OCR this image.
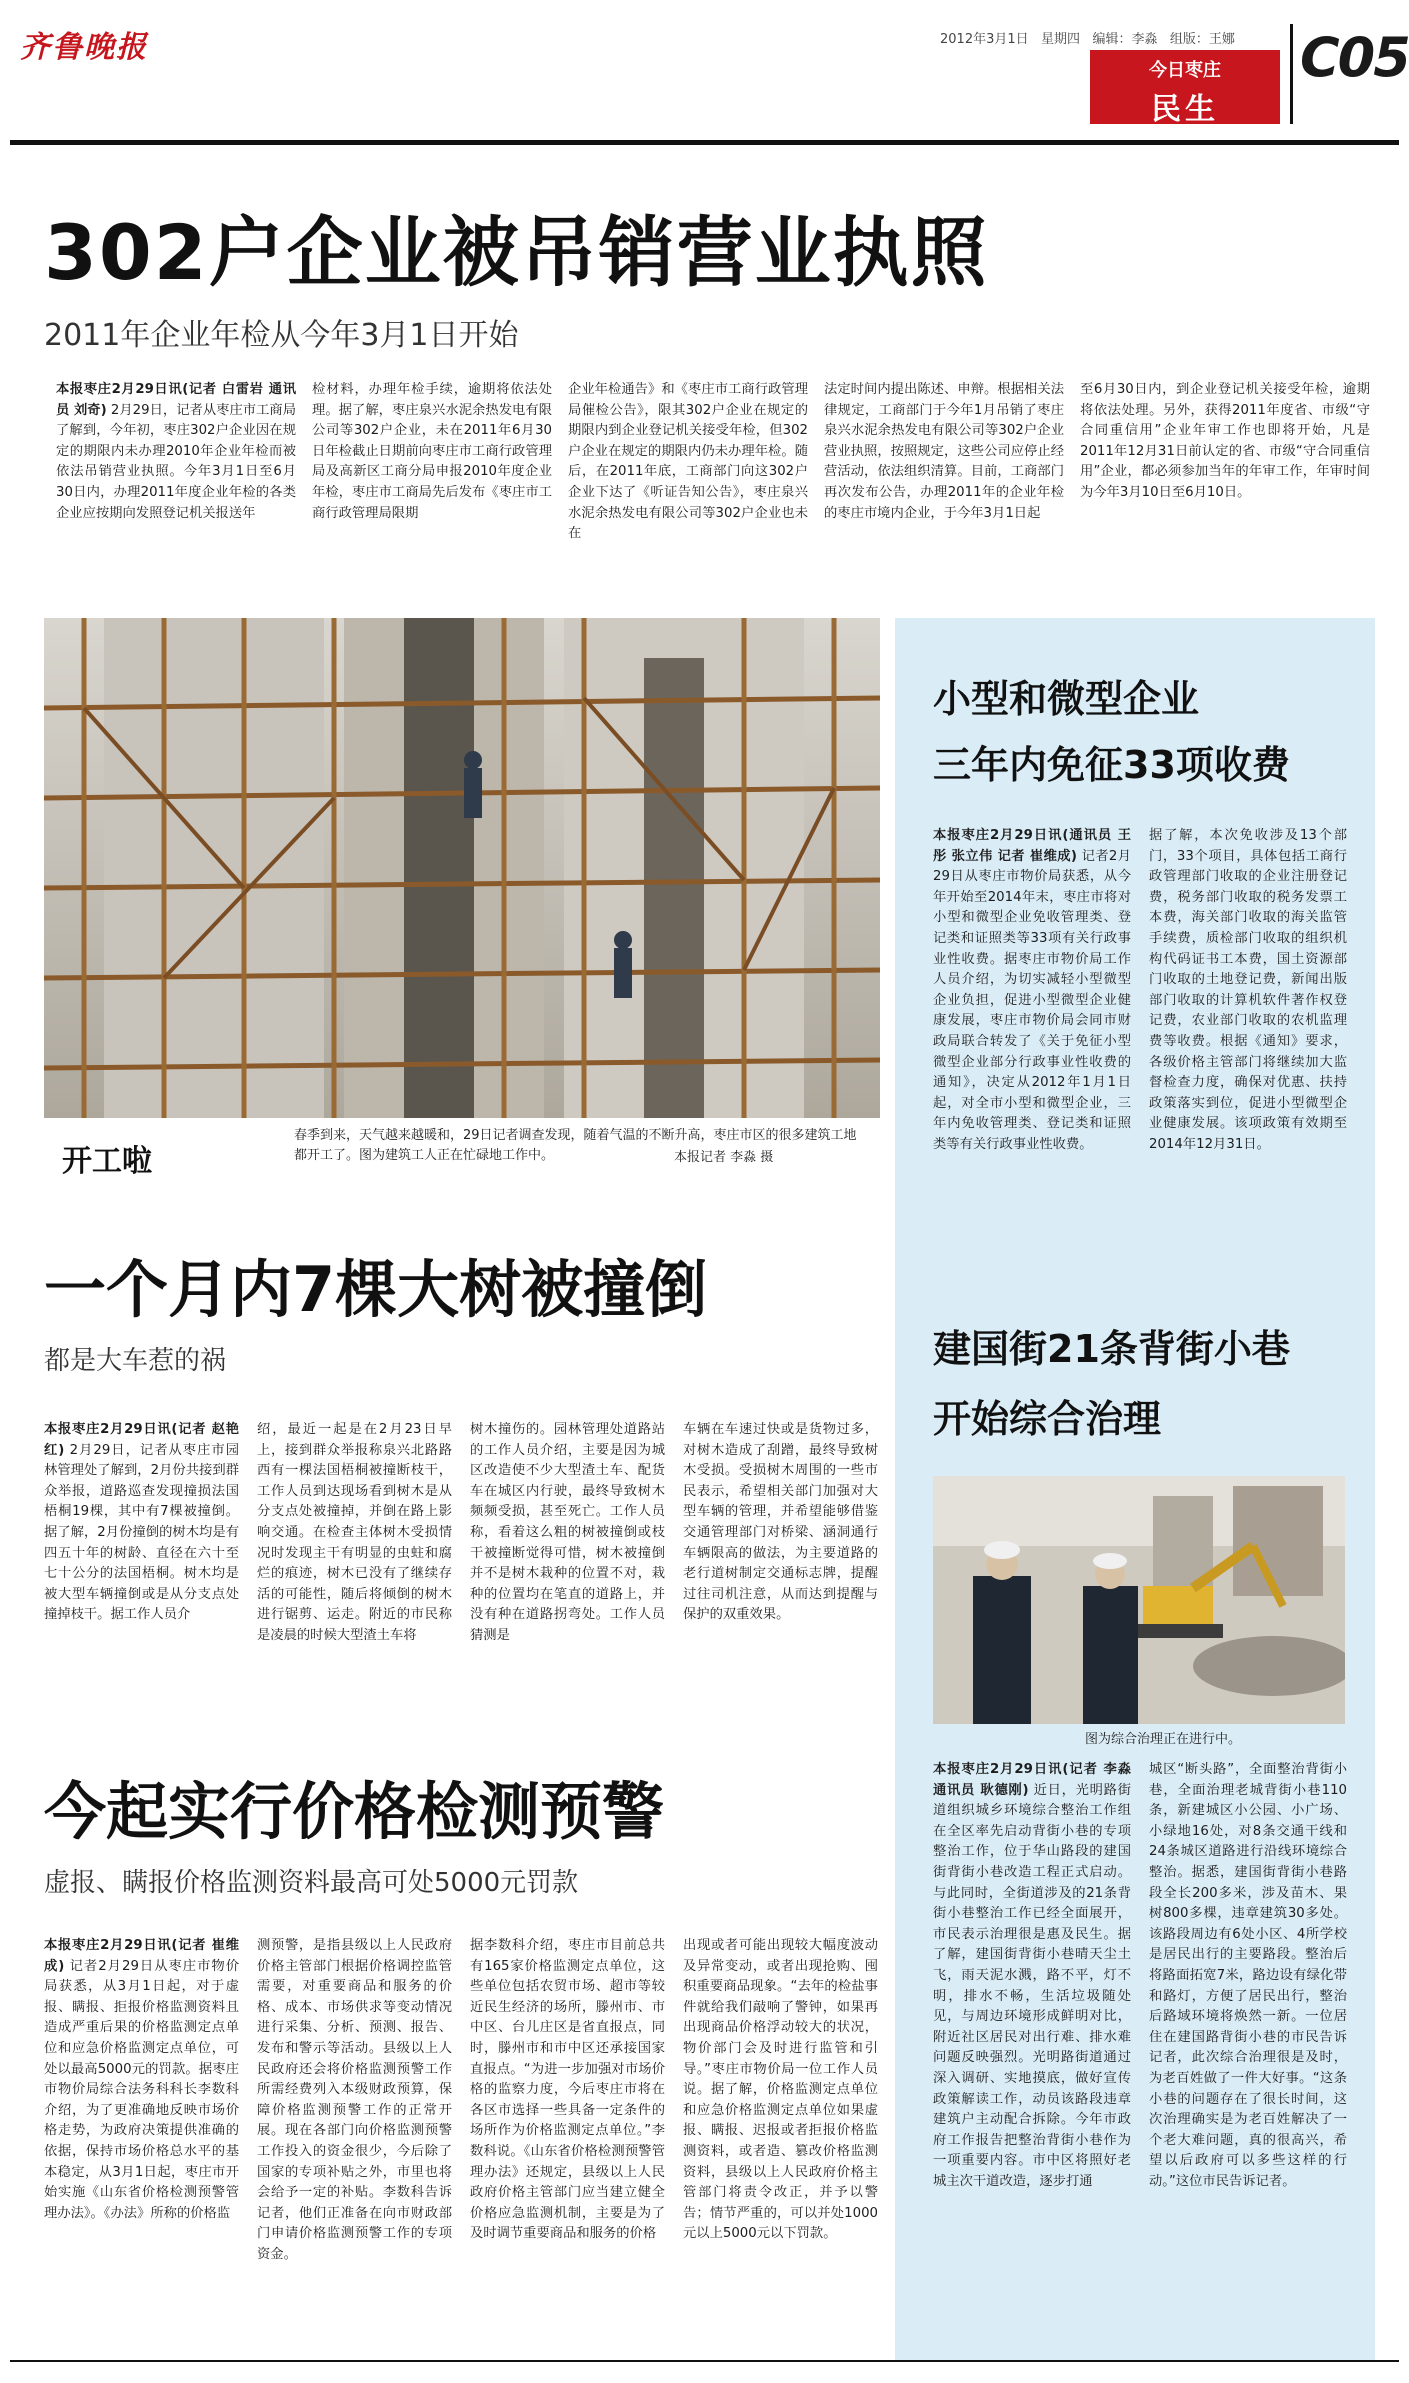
齐鲁晚报	2012年3月1日 星期四 编辑：李淼 组版：王娜
今日枣庄
民生
C05
302户企业被吊销营业执照
2011年企业年检从今年3月1日开始
本报枣庄2月29日讯(记者 白雷岩 通讯员 刘奇) 2月29日，记者从枣庄市工商局了解到，今年初，枣庄302户企业因在规定的期限内未办理2010年企业年检而被依法吊销营业执照。今年3月1日至6月30日内，办理2011年度企业年检的各类企业应按期向发照登记机关报送年
检材料，办理年检手续，逾期将依法处理。据了解，枣庄泉兴水泥余热发电有限公司等302户企业，未在2011年6月30日年检截止日期前向枣庄市工商行政管理局及高新区工商分局申报2010年度企业年检，枣庄市工商局先后发布《枣庄市工商行政管理局限期
企业年检通告》和《枣庄市工商行政管理局催检公告》，限其302户企业在规定的期限内到企业登记机关接受年检，但302户企业在规定的期限内仍未办理年检。随后，在2011年底，工商部门向这302户企业下达了《听证告知公告》，枣庄泉兴水泥余热发电有限公司等302户企业也未在
法定时间内提出陈述、申辩。根据相关法律规定，工商部门于今年1月吊销了枣庄泉兴水泥余热发电有限公司等302户企业营业执照，按照规定，这些公司应停止经营活动，依法组织清算。目前，工商部门再次发布公告，办理2011年的企业年检的枣庄市境内企业，于今年3月1日起
至6月30日内，到企业登记机关接受年检，逾期将依法处理。另外，获得2011年度省、市级“守合同重信用”企业年审工作也即将开始，凡是2011年12月31日前认定的省、市级“守合同重信用”企业，都必须参加当年的年审工作，年审时间为今年3月10日至6月10日。
开工啦
春季到来，天气越来越暖和，29日记者调查发现，随着气温的不断升高，枣庄市区的很多建筑工地都开工了。图为建筑工人正在忙碌地工作中。	本报记者 李淼 摄
一个月内7棵大树被撞倒
都是大车惹的祸
本报枣庄2月29日讯(记者 赵艳红) 2月29日，记者从枣庄市园林管理处了解到，2月份共接到群众举报，道路巡查发现撞损法国梧桐19棵，其中有7棵被撞倒。据了解，2月份撞倒的树木均是有四五十年的树龄、直径在六十至七十公分的法国梧桐。树木均是被大型车辆撞倒或是从分支点处撞掉枝干。据工作人员介
绍，最近一起是在2月23日早上，接到群众举报称泉兴北路路西有一棵法国梧桐被撞断枝干，工作人员到达现场看到树木是从分支点处被撞掉，并倒在路上影响交通。在检查主体树木受损情况时发现主干有明显的虫蛀和腐烂的痕迹，树木已没有了继续存活的可能性，随后将倾倒的树木进行锯剪、运走。附近的市民称是凌晨的时候大型渣土车将
树木撞伤的。园林管理处道路站的工作人员介绍，主要是因为城区改造使不少大型渣土车、配货车在城区内行驶，最终导致树木频频受损，甚至死亡。工作人员称，看着这么粗的树被撞倒或枝干被撞断觉得可惜，树木被撞倒并不是树木栽种的位置不对，栽种的位置均在笔直的道路上，并没有种在道路拐弯处。工作人员猜测是
车辆在车速过快或是货物过多，对树木造成了刮蹭，最终导致树木受损。受损树木周围的一些市民表示，希望相关部门加强对大型车辆的管理，并希望能够借鉴交通管理部门对桥梁、涵洞通行车辆限高的做法，为主要道路的老行道树制定交通标志牌，提醒过往司机注意，从而达到提醒与保护的双重效果。
今起实行价格检测预警
虚报、瞒报价格监测资料最高可处5000元罚款
本报枣庄2月29日讯(记者 崔维成) 记者2月29日从枣庄市物价局获悉，从3月1日起，对于虚报、瞒报、拒报价格监测资料且造成严重后果的价格监测定点单位和应急价格监测定点单位，可处以最高5000元的罚款。据枣庄市物价局综合法务科科长李数科介绍，为了更准确地反映市场价格走势，为政府决策提供准确的依据，保持市场价格总水平的基本稳定，从3月1日起，枣庄市开始实施《山东省价格检测预警管理办法》。《办法》所称的价格监
测预警，是指县级以上人民政府价格主管部门根据价格调控监管需要，对重要商品和服务的价格、成本、市场供求等变动情况进行采集、分析、预测、报告、发布和警示等活动。县级以上人民政府还会将价格监测预警工作所需经费列入本级财政预算，保障价格监测预警工作的正常开展。现在各部门向价格监测预警工作投入的资金很少，今后除了国家的专项补贴之外，市里也将会给予一定的补贴。李数科告诉记者，他们正准备在向市财政部门申请价格监测预警工作的专项资金。
据李数科介绍，枣庄市目前总共有165家价格监测定点单位，这些单位包括农贸市场、超市等较近民生经济的场所，滕州市、市中区、台儿庄区是省直报点，同时，滕州市和市中区还承接国家直报点。“为进一步加强对市场价格的监察力度，今后枣庄市将在各区市选择一些具备一定条件的场所作为价格监测定点单位。”李数科说。《山东省价格检测预警管理办法》还规定，县级以上人民政府价格主管部门应当建立健全价格应急监测机制，主要是为了及时调节重要商品和服务的价格
出现或者可能出现较大幅度波动及异常变动，或者出现抢购、囤积重要商品现象。“去年的检盐事件就给我们敲响了警钟，如果再出现商品价格浮动较大的状况，物价部门会及时进行监管和引导。”枣庄市物价局一位工作人员说。据了解，价格监测定点单位和应急价格监测定点单位如果虚报、瞒报、迟报或者拒报价格监测资料，或者造、篡改价格监测资料，县级以上人民政府价格主管部门将责令改正，并予以警告；情节严重的，可以并处1000元以上5000元以下罚款。
小型和微型企业
三年内免征33项收费
本报枣庄2月29日讯(通讯员 王彤 张立伟 记者 崔维成) 记者2月29日从枣庄市物价局获悉，从今年开始至2014年末，枣庄市将对小型和微型企业免收管理类、登记类和证照类等33项有关行政事业性收费。据枣庄市物价局工作人员介绍，为切实减轻小型微型企业负担，促进小型微型企业健康发展，枣庄市物价局会同市财政局联合转发了《关于免征小型微型企业部分行政事业性收费的通知》，决定从2012年1月1日起，对全市小型和微型企业，三年内免收管理类、登记类和证照类等有关行政事业性收费。
据了解，本次免收涉及13个部门，33个项目，具体包括工商行政管理部门收取的企业注册登记费，税务部门收取的税务发票工本费，海关部门收取的海关监管手续费，质检部门收取的组织机构代码证书工本费，国土资源部门收取的土地登记费，新闻出版部门收取的计算机软件著作权登记费，农业部门收取的农机监理费等收费。根据《通知》要求，各级价格主管部门将继续加大监督检查力度，确保对优惠、扶持政策落实到位，促进小型微型企业健康发展。该项政策有效期至2014年12月31日。
建国街21条背街小巷
开始综合治理
图为综合治理正在进行中。
本报枣庄2月29日讯(记者 李淼 通讯员 耿德刚) 近日，光明路街道组织城乡环境综合整治工作组在全区率先启动背街小巷的专项整治工作，位于华山路段的建国街背街小巷改造工程正式启动。与此同时，全街道涉及的21条背街小巷整治工作已经全面展开，市民表示治理很是惠及民生。据了解，建国街背街小巷晴天尘土飞，雨天泥水溅，路不平，灯不明，排水不畅，生活垃圾随处见，与周边环境形成鲜明对比，附近社区居民对出行难、排水难问题反映强烈。光明路街道通过深入调研、实地摸底，做好宣传政策解读工作，动员该路段违章建筑户主动配合拆除。今年市政府工作报告把整治背街小巷作为一项重要内容。市中区将照好老城主次干道改造，逐步打通
城区“断头路”，全面整治背街小巷，全面治理老城背街小巷110条，新建城区小公园、小广场、小绿地16处，对8条交通干线和24条城区道路进行沿线环境综合整治。据悉，建国街背街小巷路段全长200多米，涉及苗木、果树800多棵，违章建筑30多处。该路段周边有6处小区、4所学校是居民出行的主要路段。整治后将路面拓宽7米，路边设有绿化带和路灯，方便了居民出行，整治后路域环境将焕然一新。一位居住在建国路背街小巷的市民告诉记者，此次综合治理很是及时，为老百姓做了一件大好事。“这条小巷的问题存在了很长时间，这次治理确实是为老百姓解决了一个老大难问题，真的很高兴，希望以后政府可以多些这样的行动。”这位市民告诉记者。
